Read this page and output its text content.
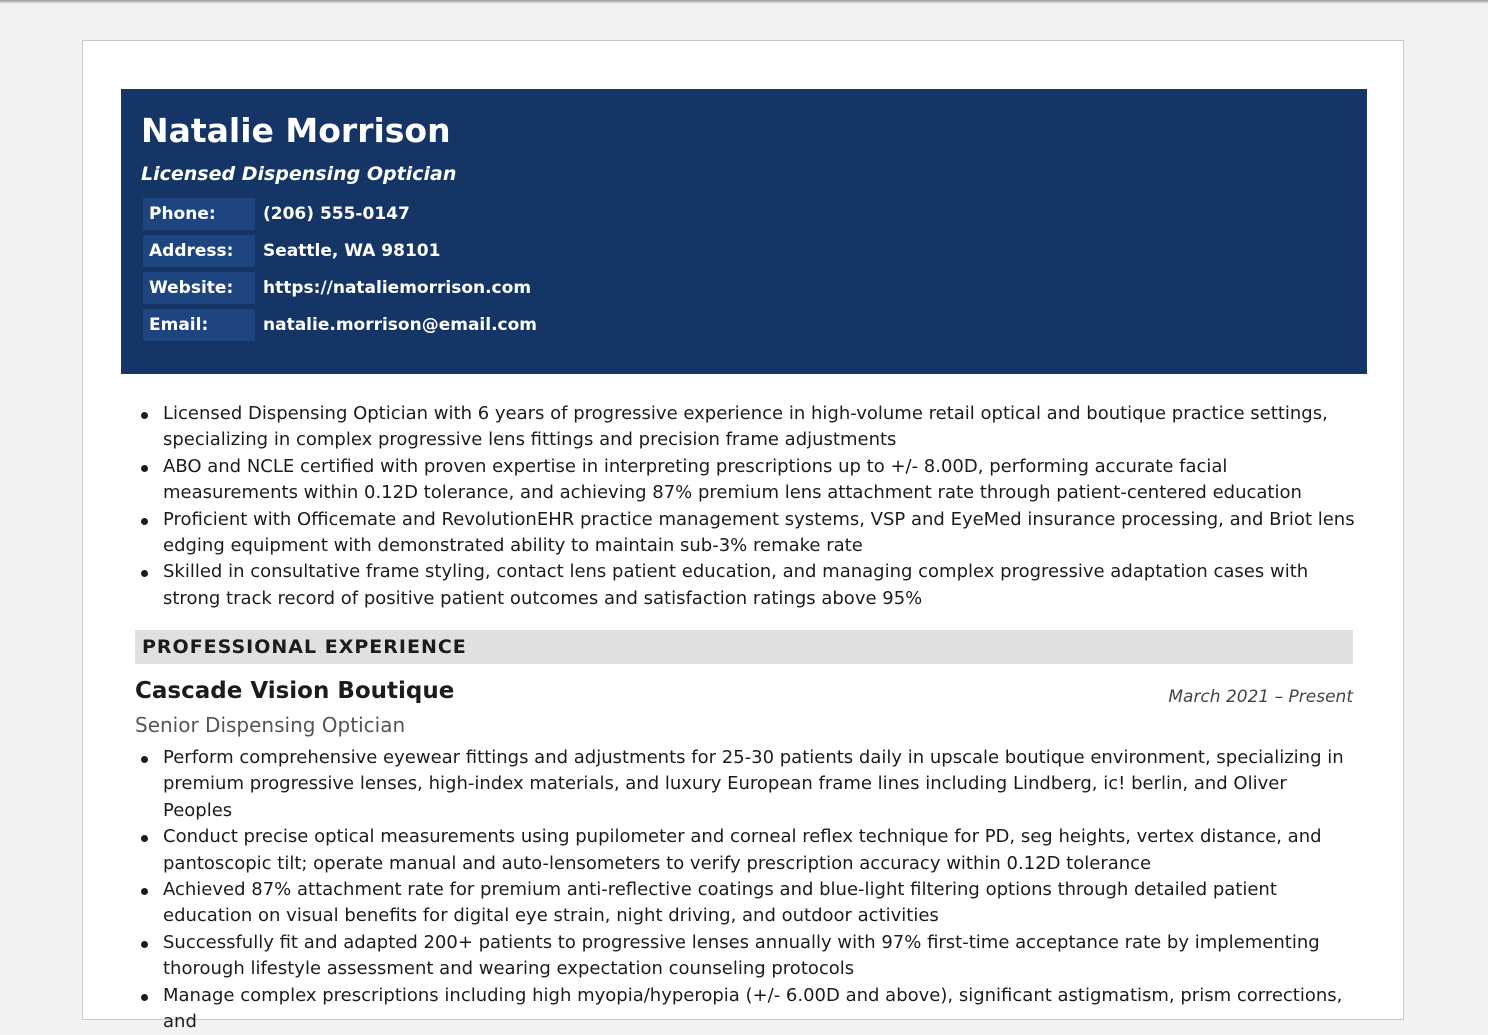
Natalie Morrison
Licensed Dispensing Optician
Phone:	(206) 555-0147
Address:	Seattle, WA 98101
Website:	https://nataliemorrison.com
Email:	natalie.morrison@email.com
Licensed Dispensing Optician with 6 years of progressive experience in high-volume retail optical and boutique practice settings, specializing in complex progressive lens fittings and precision frame adjustments
ABO and NCLE certified with proven expertise in interpreting prescriptions up to +/- 8.00D, performing accurate facial measurements within 0.12D tolerance, and achieving 87% premium lens attachment rate through patient-centered education
Proficient with Officemate and RevolutionEHR practice management systems, VSP and EyeMed insurance processing, and Briot lens edging equipment with demonstrated ability to maintain sub-3% remake rate
Skilled in consultative frame styling, contact lens patient education, and managing complex progressive adaptation cases with strong track record of positive patient outcomes and satisfaction ratings above 95%
PROFESSIONAL EXPERIENCE
Cascade Vision Boutique	March 2021 – Present
Senior Dispensing Optician
Perform comprehensive eyewear fittings and adjustments for 25-30 patients daily in upscale boutique environment, specializing in premium progressive lenses, high-index materials, and luxury European frame lines including Lindberg, ic! berlin, and Oliver Peoples
Conduct precise optical measurements using pupilometer and corneal reflex technique for PD, seg heights, vertex distance, and pantoscopic tilt; operate manual and auto-lensometers to verify prescription accuracy within 0.12D tolerance
Achieved 87% attachment rate for premium anti-reflective coatings and blue-light filtering options through detailed patient education on visual benefits for digital eye strain, night driving, and outdoor activities
Successfully fit and adapted 200+ patients to progressive lenses annually with 97% first-time acceptance rate by implementing thorough lifestyle assessment and wearing expectation counseling protocols
Manage complex prescriptions including high myopia/hyperopia (+/- 6.00D and above), significant astigmatism, prism corrections, and
